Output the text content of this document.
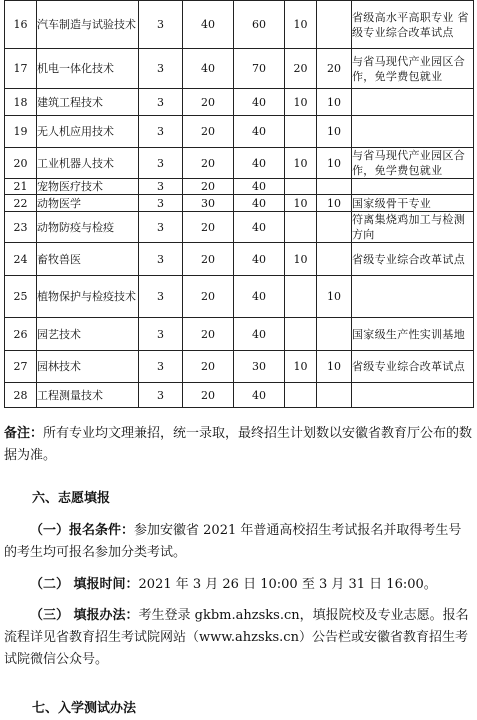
16	汽车制造与试验技术	3	40	60	10		省级高水平高职专业 省级专业综合改革试点
17	机电一体化技术	3	40	70	20	20	与省马现代产业园区合作，免学费包就业
18	建筑工程技术	3	20	40	10	10	
19	无人机应用技术	3	20	40		10	
20	工业机器人技术	3	20	40	10	10	与省马现代产业园区合作，免学费包就业
21	宠物医疗技术	3	20	40			
22	动物医学	3	30	40	10	10	国家级骨干专业
23	动物防疫与检疫	3	20	40			符离集烧鸡加工与检测方向
24	畜牧兽医	3	20	40	10		省级专业综合改革试点
25	植物保护与检疫技术	3	20	40		10	
26	园艺技术	3	20	40			国家级生产性实训基地
27	园林技术	3	20	30	10	10	省级专业综合改革试点
28	工程测量技术	3	20	40			
备注：所有专业均文理兼招，统一录取，最终招生计划数以安徽省教育厅公布的数据为准。
六、志愿填报
（一）报名条件：参加安徽省 2021 年普通高校招生考试报名并取得考生号的考生均可报名参加分类考试。
（二） 填报时间：2021 年 3 月 26 日 10:00 至 3 月 31 日 16:00。
（三） 填报办法：考生登录 gkbm.ahzsks.cn，填报院校及专业志愿。报名流程详见省教育招生考试院网站（www.ahzsks.cn）公告栏或安徽省教育招生考试院微信公众号。
七、入学测试办法
